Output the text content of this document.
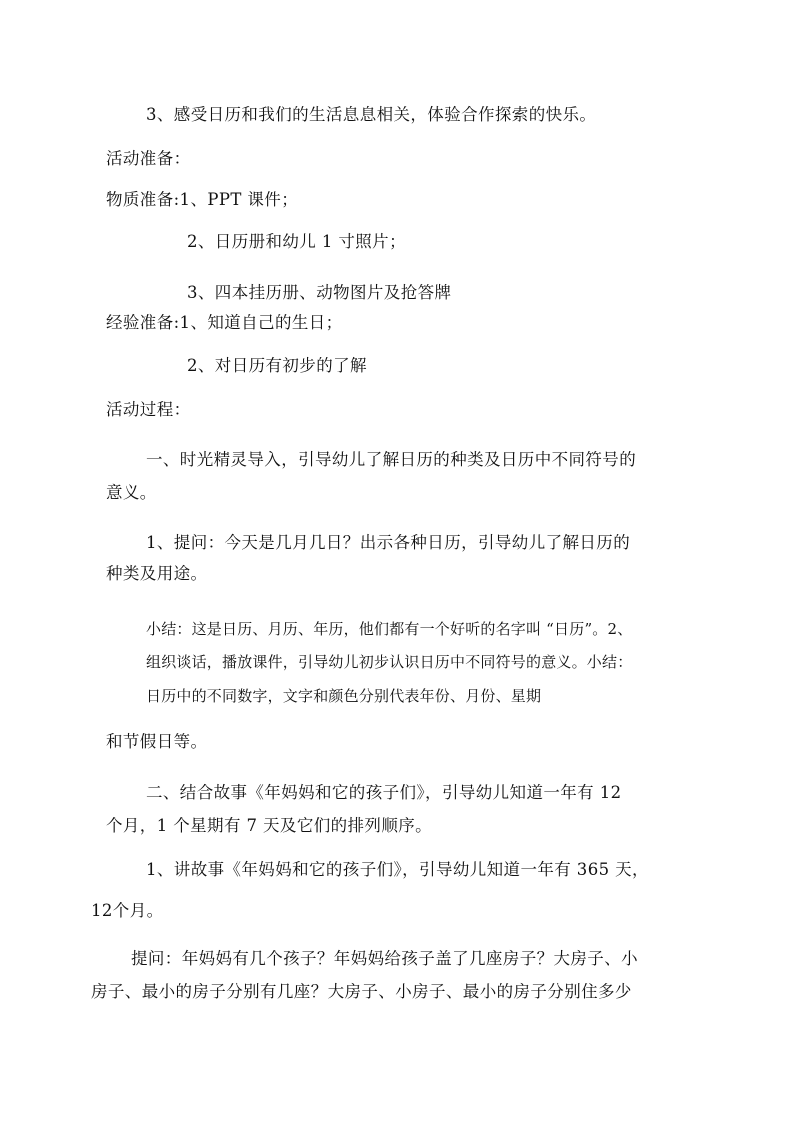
3、感受日历和我们的生活息息相关，体验合作探索的快乐。
活动准备：
物质准备:1、PPT 课件；
2、日历册和幼儿 1 寸照片；
3、四本挂历册、动物图片及抢答牌
经验准备:1、知道自己的生日；
2、对日历有初步的了解
活动过程：
一、时光精灵导入，引导幼儿了解日历的种类及日历中不同符号的
意义。
1、提问：今天是几月几日？出示各种日历，引导幼儿了解日历的
种类及用途。
小结：这是日历、月历、年历，他们都有一个好听的名字叫 “日历”。2、
组织谈话，播放课件，引导幼儿初步认识日历中不同符号的意义。小结：
日历中的不同数字，文字和颜色分别代表年份、月份、星期
和节假日等。
二、结合故事《年妈妈和它的孩子们》，引导幼儿知道一年有 12
个月，1 个星期有 7 天及它们的排列顺序。
1、讲故事《年妈妈和它的孩子们》，引导幼儿知道一年有 365 天，
12个月。
提问：年妈妈有几个孩子？年妈妈给孩子盖了几座房子？大房子、小
房子、最小的房子分别有几座？大房子、小房子、最小的房子分别住多少
